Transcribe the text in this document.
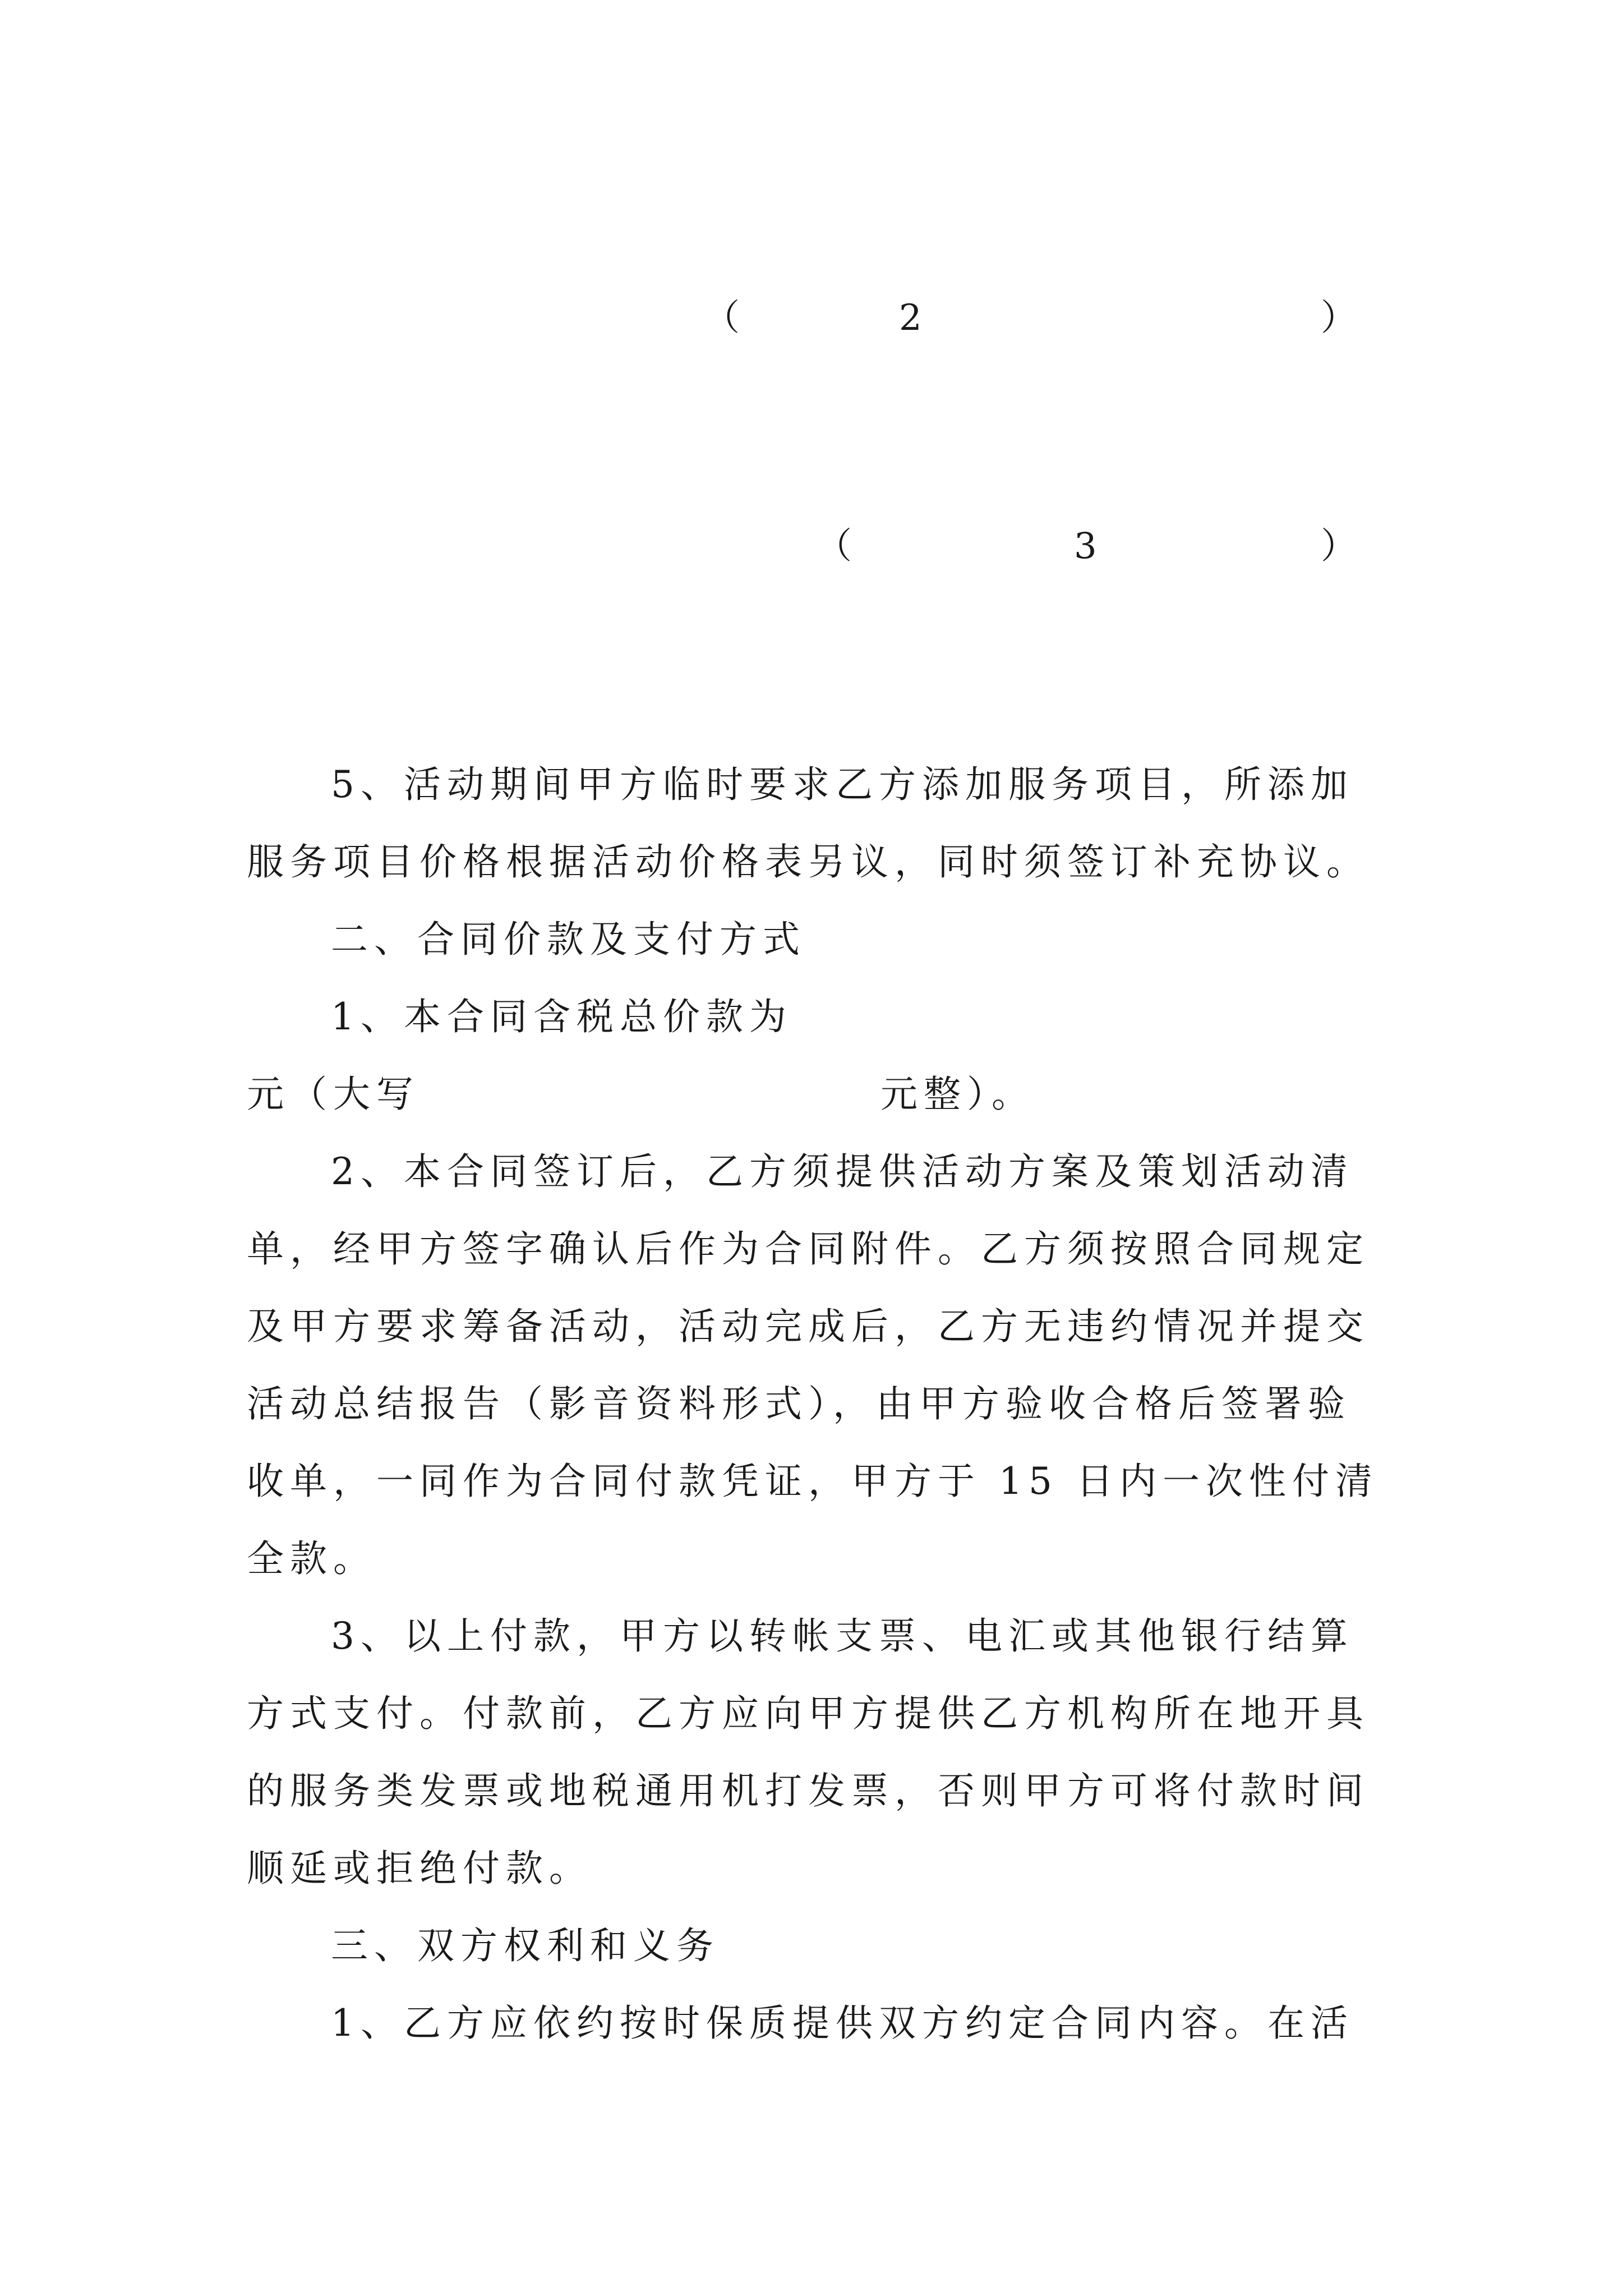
（	2	）
（	3	）
5、活动期间甲方临时要求乙方添加服务项目，所添加
服务项目价格根据活动价格表另议，同时须签订补充协议。
二、合同价款及支付方式
1、本合同含税总价款为
元（大写	元整）。
2、本合同签订后，乙方须提供活动方案及策划活动清
单，经甲方签字确认后作为合同附件。乙方须按照合同规定
及甲方要求筹备活动，活动完成后，乙方无违约情况并提交
活动总结报告（影音资料形式），由甲方验收合格后签署验
收单，一同作为合同付款凭证，甲方于 15 日内一次性付清
全款。
3、以上付款，甲方以转帐支票、电汇或其他银行结算
方式支付。付款前，乙方应向甲方提供乙方机构所在地开具
的服务类发票或地税通用机打发票，否则甲方可将付款时间
顺延或拒绝付款。
三、双方权利和义务
1、乙方应依约按时保质提供双方约定合同内容。在活
